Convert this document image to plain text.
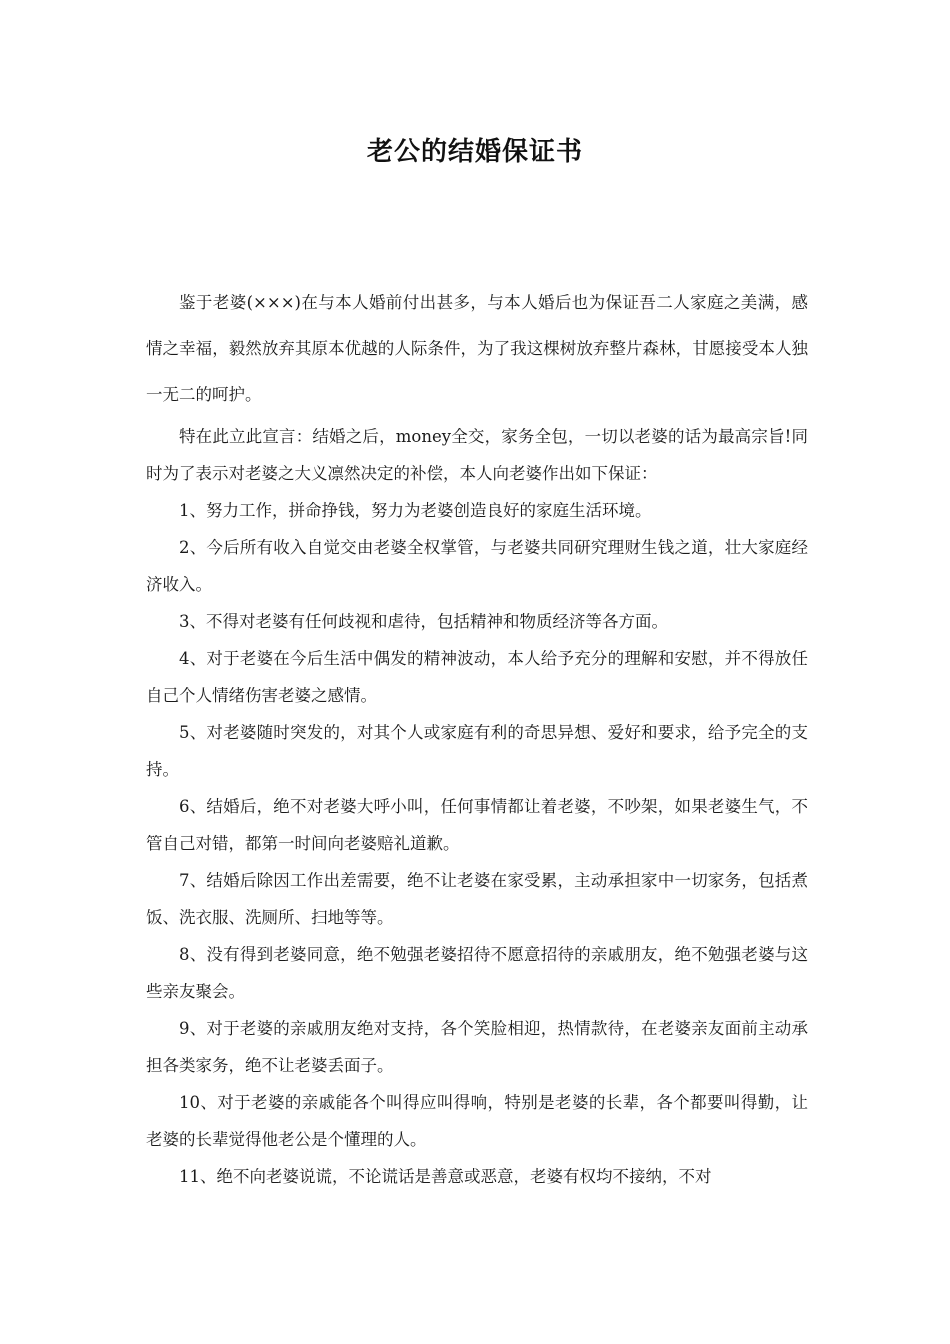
老公的结婚保证书

鉴于老婆(×××)在与本人婚前付出甚多，与本人婚后也为保证吾二人家庭之美满，感情之幸福，毅然放弃其原本优越的人际条件，为了我这棵树放弃整片森林，甘愿接受本人独一无二的呵护。

特在此立此宣言：结婚之后，money全交，家务全包，一切以老婆的话为最高宗旨!同时为了表示对老婆之大义凛然决定的补偿，本人向老婆作出如下保证：

1、努力工作，拼命挣钱，努力为老婆创造良好的家庭生活环境。

2、今后所有收入自觉交由老婆全权掌管，与老婆共同研究理财生钱之道，壮大家庭经济收入。

3、不得对老婆有任何歧视和虐待，包括精神和物质经济等各方面。

4、对于老婆在今后生活中偶发的精神波动，本人给予充分的理解和安慰，并不得放任自己个人情绪伤害老婆之感情。

5、对老婆随时突发的，对其个人或家庭有利的奇思异想、爱好和要求，给予完全的支持。

6、结婚后，绝不对老婆大呼小叫，任何事情都让着老婆，不吵架，如果老婆生气，不管自己对错，都第一时间向老婆赔礼道歉。

7、结婚后除因工作出差需要，绝不让老婆在家受累，主动承担家中一切家务，包括煮饭、洗衣服、洗厕所、扫地等等。

8、没有得到老婆同意，绝不勉强老婆招待不愿意招待的亲戚朋友，绝不勉强老婆与这些亲友聚会。

9、对于老婆的亲戚朋友绝对支持，各个笑脸相迎，热情款待，在老婆亲友面前主动承担各类家务，绝不让老婆丢面子。

10、对于老婆的亲戚能各个叫得应叫得响，特别是老婆的长辈，各个都要叫得勤，让老婆的长辈觉得他老公是个懂理的人。

11、绝不向老婆说谎，不论谎话是善意或恶意，老婆有权均不接纳，不对
